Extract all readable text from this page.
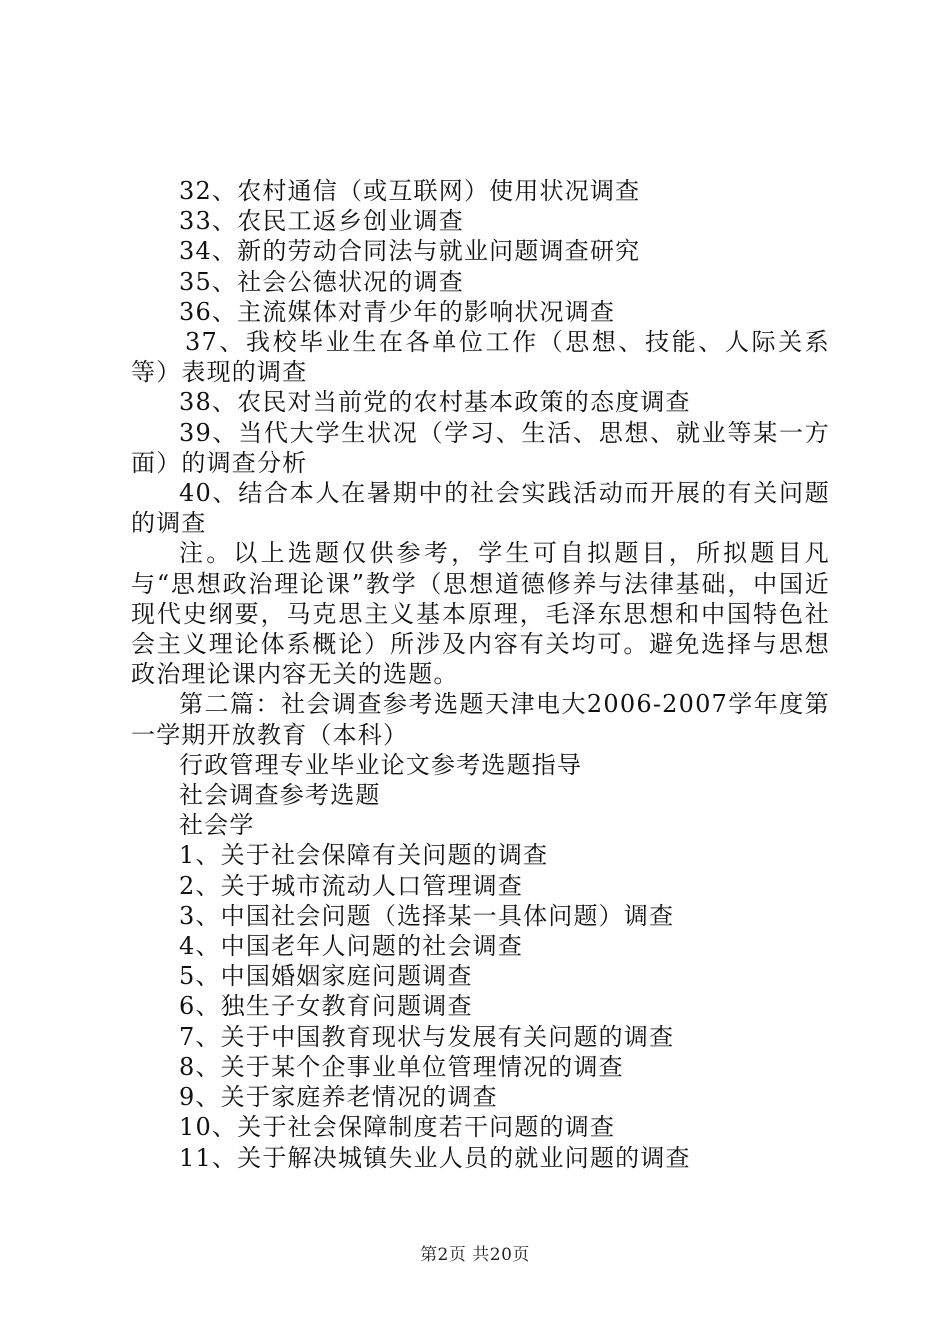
32、农村通信（或互联网）使用状况调查

33、农民工返乡创业调查

34、新的劳动合同法与就业问题调查研究

35、社会公德状况的调查

36、主流媒体对青少年的影响状况调查

37、我校毕业生在各单位工作（思想、技能、人际关系等）表现的调查

38、农民对当前党的农村基本政策的态度调查

39、当代大学生状况（学习、生活、思想、就业等某一方面）的调查分析

40、结合本人在暑期中的社会实践活动而开展的有关问题的调查

注。以上选题仅供参考，学生可自拟题目，所拟题目凡与“思想政治理论课”教学（思想道德修养与法律基础，中国近现代史纲要，马克思主义基本原理，毛泽东思想和中国特色社会主义理论体系概论）所涉及内容有关均可。避免选择与思想政治理论课内容无关的选题。

第二篇：社会调查参考选题天津电大2006-2007学年度第一学期开放教育（本科）

行政管理专业毕业论文参考选题指导

社会调查参考选题

社会学

1、关于社会保障有关问题的调查

2、关于城市流动人口管理调查

3、中国社会问题（选择某一具体问题）调查

4、中国老年人问题的社会调查

5、中国婚姻家庭问题调查

6、独生子女教育问题调查

7、关于中国教育现状与发展有关问题的调查

8、关于某个企事业单位管理情况的调查

9、关于家庭养老情况的调查

10、关于社会保障制度若干问题的调查

11、关于解决城镇失业人员的就业问题的调查

第2页 共20页
